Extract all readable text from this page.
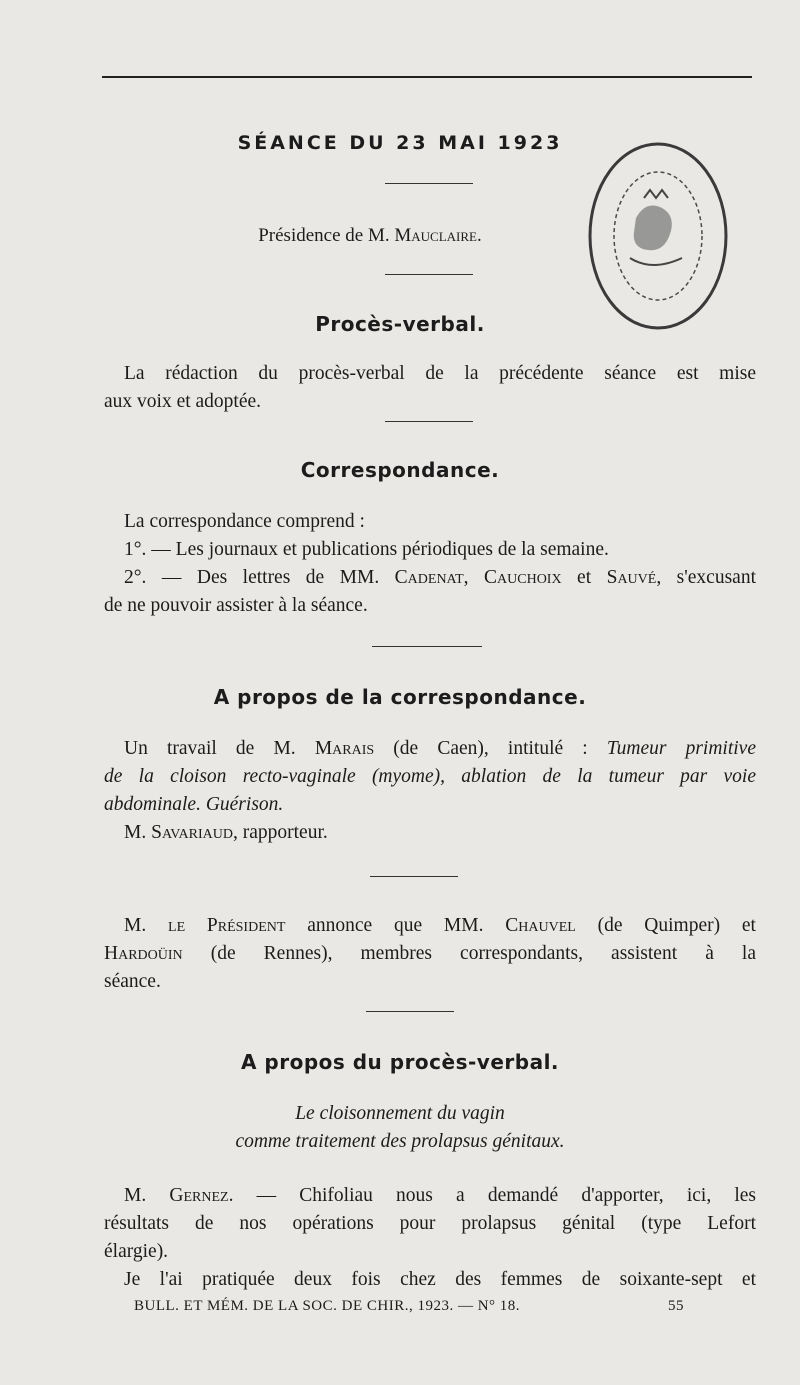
SÉANCE DU 23 MAI 1923
Présidence de M. Mauclaire.
Procès-verbal.
La rédaction du procès-verbal de la précédente séance est mise
aux voix et adoptée.
Correspondance.
La correspondance comprend :
1°. — Les journaux et publications périodiques de la semaine.
2°. — Des lettres de MM. Cadenat, Cauchoix et Sauvé, s'excusant
de ne pouvoir assister à la séance.
A propos de la correspondance.
Un travail de M. Marais (de Caen), intitulé : Tumeur primitive
de la cloison recto-vaginale (myome), ablation de la tumeur par voie
abdominale. Guérison.
M. Savariaud, rapporteur.
M. le Président annonce que MM. Chauvel (de Quimper) et
Hardoüin (de Rennes), membres correspondants, assistent à la
séance.
A propos du procès-verbal.
Le cloisonnement du vagin
comme traitement des prolapsus génitaux.
M. Gernez. — Chifoliau nous a demandé d'apporter, ici, les
résultats de nos opérations pour prolapsus génital (type Lefort
élargie).
Je l'ai pratiquée deux fois chez des femmes de soixante-sept et
BULL. ET MÉM. DE LA SOC. DE CHIR., 1923. — N° 18.	55
